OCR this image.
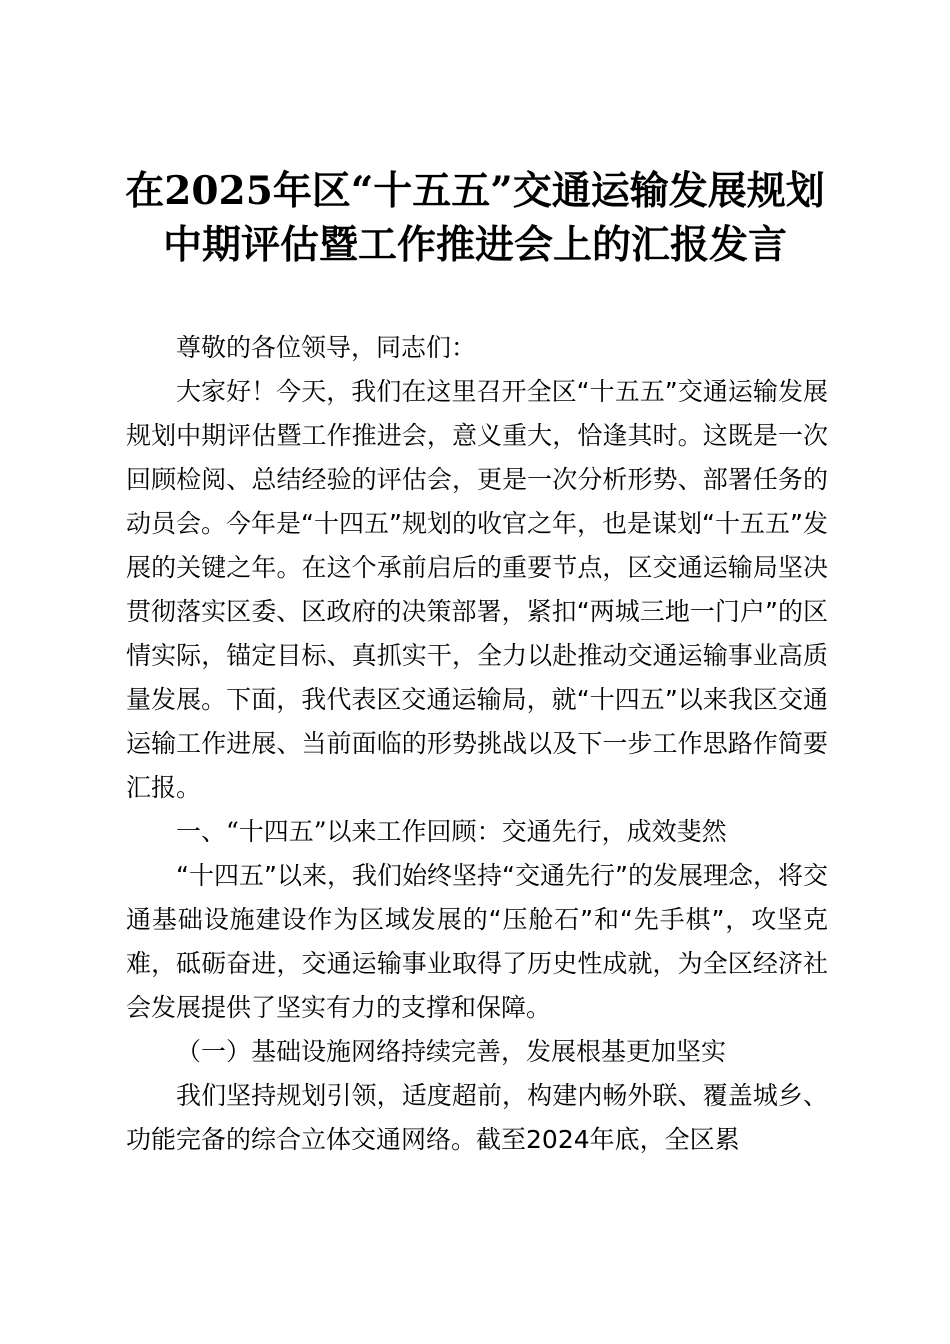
在2025年区“十五五”交通运输发展规划中期评估暨工作推进会上的汇报发言

尊敬的各位领导，同志们：

大家好！今天，我们在这里召开全区“十五五”交通运输发展规划中期评估暨工作推进会，意义重大，恰逢其时。这既是一次回顾检阅、总结经验的评估会，更是一次分析形势、部署任务的动员会。今年是“十四五”规划的收官之年，也是谋划“十五五”发展的关键之年。在这个承前启后的重要节点，区交通运输局坚决贯彻落实区委、区政府的决策部署，紧扣“两城三地一门户”的区情实际，锚定目标、真抓实干，全力以赴推动交通运输事业高质量发展。下面，我代表区交通运输局，就“十四五”以来我区交通运输工作进展、当前面临的形势挑战以及下一步工作思路作简要汇报。

一、“十四五”以来工作回顾：交通先行，成效斐然

“十四五”以来，我们始终坚持“交通先行”的发展理念，将交通基础设施建设作为区域发展的“压舱石”和“先手棋”，攻坚克难，砥砺奋进，交通运输事业取得了历史性成就，为全区经济社会发展提供了坚实有力的支撑和保障。

（一）基础设施网络持续完善，发展根基更加坚实

我们坚持规划引领，适度超前，构建内畅外联、覆盖城乡、功能完备的综合立体交通网络。截至2024年底，全区累
